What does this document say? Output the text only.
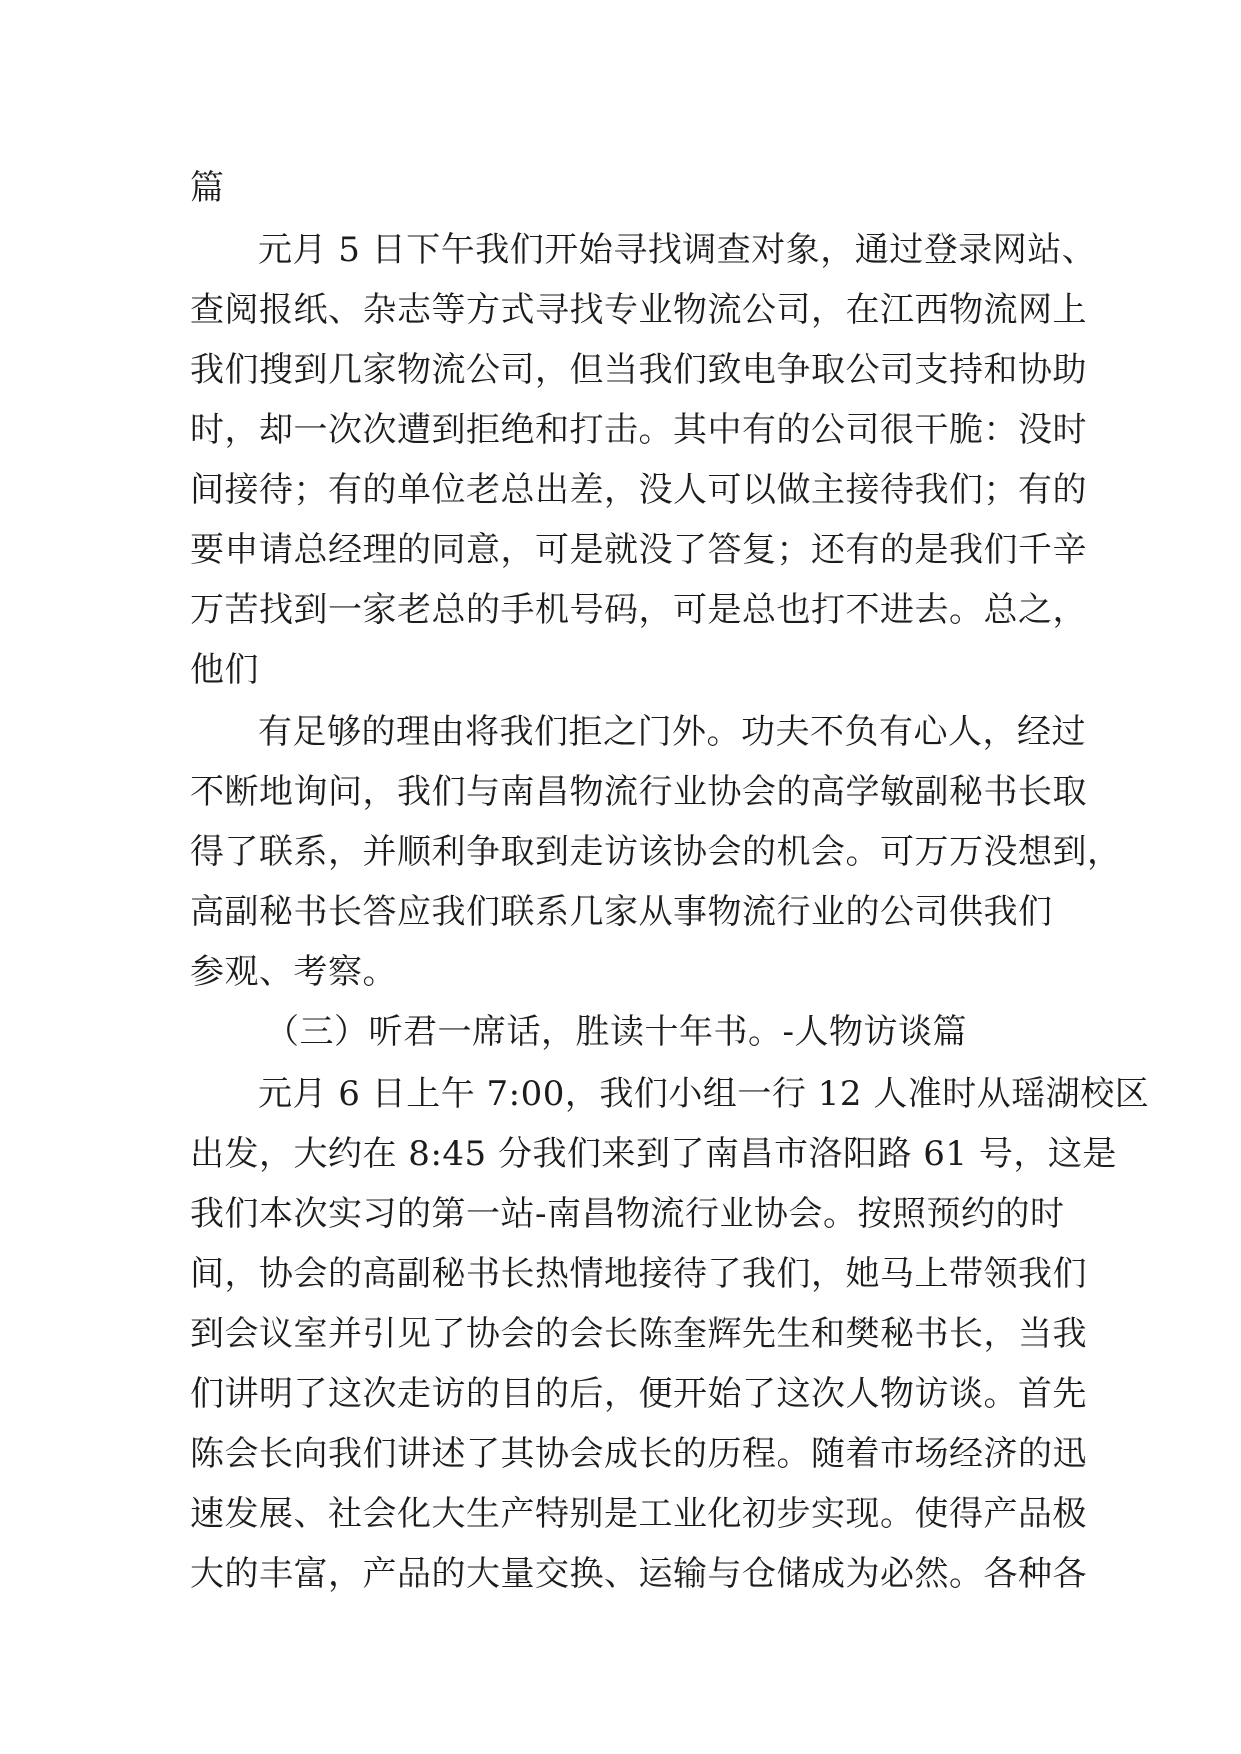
篇
元月 5 日下午我们开始寻找调查对象，通过登录网站、
查阅报纸、杂志等方式寻找专业物流公司，在江西物流网上
我们搜到几家物流公司，但当我们致电争取公司支持和协助
时，却一次次遭到拒绝和打击。其中有的公司很干脆：没时
间接待；有的单位老总出差，没人可以做主接待我们；有的
要申请总经理的同意，可是就没了答复；还有的是我们千辛
万苦找到一家老总的手机号码，可是总也打不进去。总之，
他们
有足够的理由将我们拒之门外。功夫不负有心人，经过
不断地询问，我们与南昌物流行业协会的高学敏副秘书长取
得了联系，并顺利争取到走访该协会的机会。可万万没想到，
高副秘书长答应我们联系几家从事物流行业的公司供我们
参观、考察。
（三）听君一席话，胜读十年书。-人物访谈篇
元月 6 日上午 7:00，我们小组一行 12 人准时从瑶湖校区
出发，大约在 8:45 分我们来到了南昌市洛阳路 61 号，这是
我们本次实习的第一站-南昌物流行业协会。按照预约的时
间，协会的高副秘书长热情地接待了我们，她马上带领我们
到会议室并引见了协会的会长陈奎辉先生和樊秘书长，当我
们讲明了这次走访的目的后，便开始了这次人物访谈。首先
陈会长向我们讲述了其协会成长的历程。随着市场经济的迅
速发展、社会化大生产特别是工业化初步实现。使得产品极
大的丰富，产品的大量交换、运输与仓储成为必然。各种各
